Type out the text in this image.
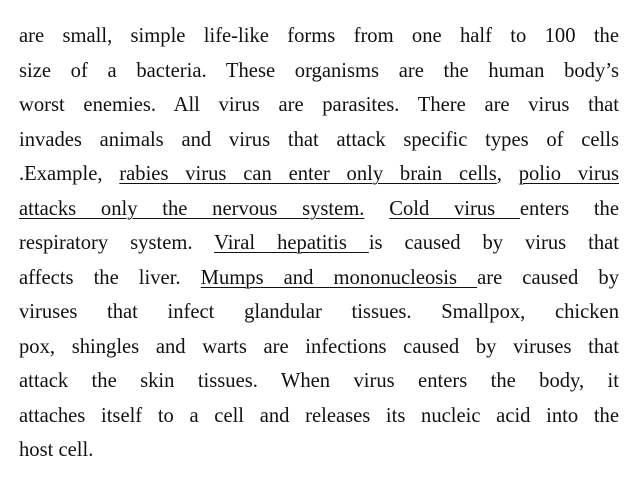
are small, simple life-like forms from one half to 100 the
size of a bacteria. These organisms are the human body’s
worst enemies. All virus are parasites. There are virus that
invades animals and virus that attack specific types of cells
.Example, rabies virus can enter only brain cells, polio virus
attacks only the nervous system. Cold virus enters the
respiratory system. Viral hepatitis is caused by virus that
affects the liver. Mumps and mononucleosis are caused by
viruses that infect glandular tissues. Smallpox, chicken
pox, shingles and warts are infections caused by viruses that
attack the skin tissues. When virus enters the body, it
attaches itself to a cell and releases its nucleic acid into the
host cell.
